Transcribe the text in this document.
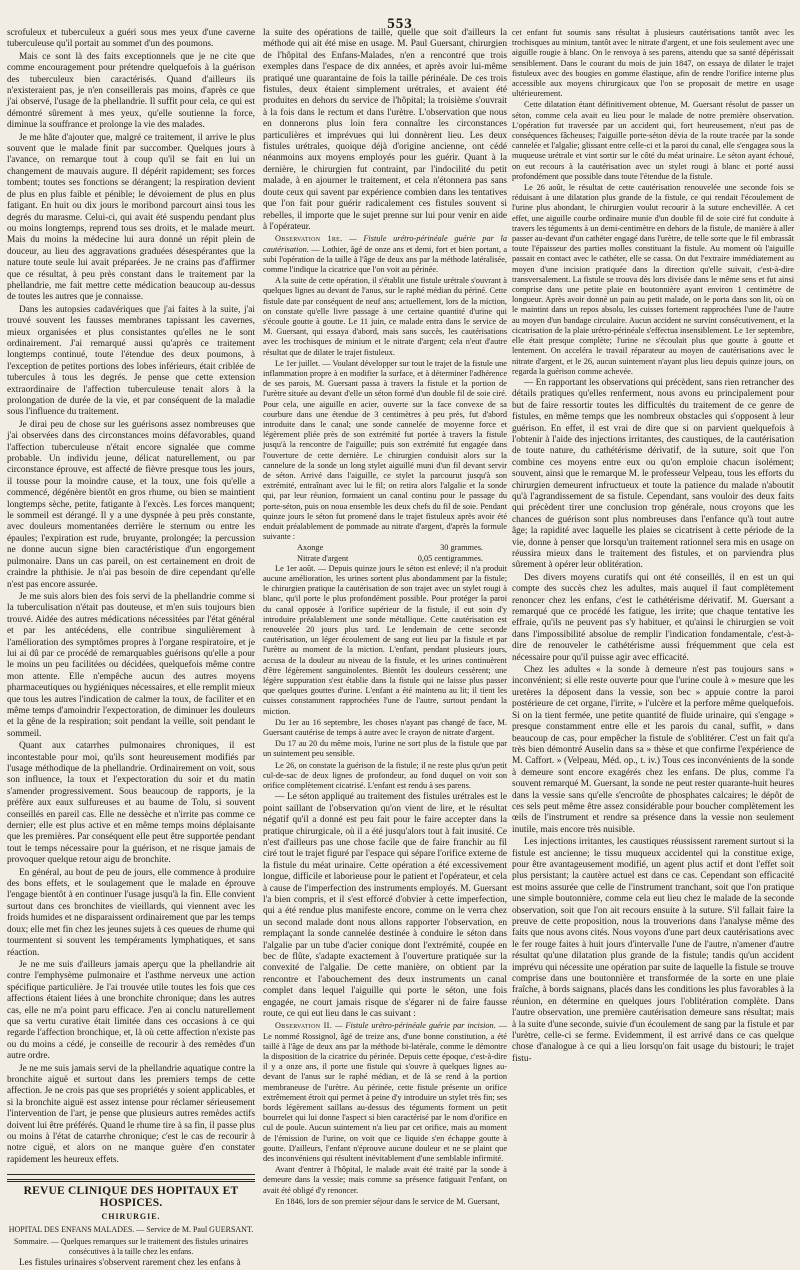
553

scrofuleux et tuberculeux a guéri sous mes yeux d'une caverne tuberculeuse qu'il portait au sommet d'un des poumons.

Mais ce sont là des faits exceptionnels que je ne cite que comme encouragement pour prétendre quelquefois à la guérison des tuberculeux bien caractérisés. Quand d'ailleurs ils n'existeraient pas, je n'en conseillerais pas moins, d'après ce que j'ai observé, l'usage de la phellandrie. Il suffit pour cela, ce qui est démontré sûrement à mes yeux, qu'elle soutienne la force, diminue la souffrance et prolonge la vie des malades.

Je me hâte d'ajouter que, malgré ce traitement, il arrive le plus souvent que le malade finit par succomber. Quelques jours à l'avance, on remarque tout à coup qu'il se fait en lui un changement de mauvais augure. Il dépérit rapidement; ses forces tombent; toutes ses fonctions se dérangent; la respiration devient de plus en plus faible et pénible; le dévoiement de plus en plus fatigant. En huit ou dix jours le moribond parcourt ainsi tous les degrés du marasme. Celui-ci, qui avait été suspendu pendant plus ou moins longtemps, reprend tous ses droits, et le malade meurt. Mais du moins la médecine lui aura donné un répit plein de douceur, au lieu des aggravations graduées désespérantes que la nature toute seule lui avait préparées. Je ne crains pas d'affirmer que ce résultat, à peu près constant dans le traitement par la phellandrie, me fait mettre cette médication beaucoup au-dessus de toutes les autres que je connaisse.

Dans les autopsies cadavériques que j'ai faites à la suite, j'ai trouvé souvent les fausses membranes tapissant les cavernes, mieux organisées et plus consistantes qu'elles ne le sont ordinairement. J'ai remarqué aussi qu'après ce traitement longtemps continué, toute l'étendue des deux poumons, à l'exception de petites portions des lobes inférieurs, était criblée de tubercules à tous les degrés. Je pense que cette extension extraordinaire de l'affection tuberculeuse tenait alors à la prolongation de durée de la vie, et par conséquent de la maladie sous l'influence du traitement.

Je dirai peu de chose sur les guérisons assez nombreuses que j'ai observées dans des circonstances moins défavorables, quand l'affection tuberculeuse n'était encore signalée que comme probable. Un individu jeune, délicat naturellement, ou par circonstance éprouve, est affecté de fièvre presque tous les jours, il tousse pour la moindre cause, et la toux, une fois qu'elle a commencé, dégénère bientôt en gros rhume, ou bien se maintient longtemps sèche, petite, fatigante à l'excès. Les forces manquent; le sommeil est dérangé. Il y a une dyspnée à peu près constante, avec douleurs momentanées derrière le sternum ou entre les épaules; l'expiration est rude, bruyante, prolongée; la percussion ne donne aucun signe bien caractéristique d'un engorgement pulmonaire. Dans un cas pareil, on est certainement en droit de craindre la phthisie. Je n'ai pas besoin de dire cependant qu'elle n'est pas encore assurée.

Je me suis alors bien des fois servi de la phellandrie comme si la tuberculisation n'était pas douteuse, et m'en suis toujours bien trouvé. Aidée des autres médications nécessitées par l'état général et par les antécédens, elle contribue singulièrement à l'amélioration des symptômes propres à l'organe respiratoire, et je lui ai dû par ce procédé de remarquables guérisons qu'elle a pour le moins un peu facilitées ou décidées, quelquefois même contre mon attente. Elle n'empêche aucun des autres moyens pharmaceutiques ou hygiéniques nécessaires, et elle remplit mieux que tous les autres l'indication de calmer la toux, de faciliter et en même temps d'amoindrir l'expectoration, de diminuer les douleurs et la gêne de la respiration; soit pendant la veille, soit pendant le sommeil.

Quant aux catarrhes pulmonaires chroniques, il est incontestable pour moi, qu'ils sont heureusement modifiés par l'usage méthodique de la phellandrie. Ordinairement on voit, sous son influence, la toux et l'expectoration du soir et du matin s'amender progressivement. Sous beaucoup de rapports, je la préfère aux eaux sulfureuses et au baume de Tolu, si souvent conseillés en pareil cas. Elle ne dessèche et n'irrite pas comme ce dernier; elle est plus active et en même temps moins déplaisante que les premières. Par conséquent elle peut être supportée pendant tout le temps nécessaire pour la guérison, et ne risque jamais de provoquer quelque retour aigu de bronchite.

En général, au bout de peu de jours, elle commence à produire des bons effets, et le soulagement que le malade en éprouve l'engage bientôt à en continuer l'usage jusqu'à la fin. Elle convient surtout dans ces bronchites de vieillards, qui viennent avec les froids humides et ne disparaissent ordinairement que par les temps doux; elle met fin chez les jeunes sujets à ces queues de rhume qui tourmentent si souvent les tempéraments lymphatiques, et sans réaction.

Je ne me suis d'ailleurs jamais aperçu que la phellandrie ait contre l'emphysème pulmonaire et l'asthme nerveux une action spécifique particulière. Je l'ai trouvée utile toutes les fois que ces affections étaient liées à une bronchite chronique; dans les autres cas, elle ne m'a point paru efficace. J'en ai conclu naturellement que sa vertu curative était limitée dans ces occasions à ce qui regarde l'affection bronchique, et, là où cette affection n'existe pas ou du moins a cédé, je conseille de recourir à des remèdes d'un autre ordre.

Je ne me suis jamais servi de la phellandrie aquatique contre la bronchite aiguë et surtout dans les premiers temps de cette affection. Je ne crois pas que ses propriétés y soient applicables, et si la bronchite aiguë est assez intense pour réclamer sérieusement l'intervention de l'art, je pense que plusieurs autres remèdes actifs doivent lui être préférés. Quand le rhume tire à sa fin, il passe plus ou moins à l'état de catarrhe chronique; c'est le cas de recourir à notre ciguë, et alors on ne manque guère d'en constater rapidement les heureux effets.

REVUE CLINIQUE DES HOPITAUX ET HOSPICES.
CHIRURGIE.
HOPITAL DES ENFANS MALADES. — Service de M. Paul GUERSANT.
Sommaire. — Quelques remarques sur le traitement des fistules urinaires consécutives à la taille chez les enfans.

Les fistules urinaires s'observent rarement chez les enfans à

la suite des opérations de taille, quelle que soit d'ailleurs la méthode qui ait été mise en usage. M. Paul Guersant, chirurgien de l'hôpital des Enfans-Malades, n'en a rencontré que trois exemples dans l'espace de dix années, et après avoir lui-même pratiqué une quarantaine de fois la taille périnéale. De ces trois fistules, deux étaient simplement urétrales, et avaient été produites en dehors du service de l'hôpital; la troisième s'ouvrait à la fois dans le rectum et dans l'urètre. L'observation que nous en donnerons plus loin fera connaître les circonstances particulières et imprévues qui lui donnèrent lieu. Les deux fistules urétrales, quoique déjà d'origine ancienne, ont cédé néanmoins aux moyens employés pour les guérir. Quant à la dernière, le chirurgien fut contraint, par l'indocilité du petit malade, à en ajourner le traitement, et cela n'étonnera pas sans doute ceux qui savent par expérience combien dans les tentatives que l'on fait pour guérir radicalement ces fistules souvent si rebelles, il importe que le sujet prenne sur lui pour venir en aide à l'opérateur.

Observation 1re. — Fistule urétro-périnéale guérie par la cautérisation. — Lothier, âgé de onze ans et demi, fort et bien portant, a subi l'opération de la taille à l'âge de deux ans par la méthode latéralisée, comme l'indique la cicatrice que l'on voit au périnée.

A la suite de cette opération, il s'établit une fistule urétrale s'ouvrant à quelques lignes au devant de l'anus, sur le raphé médian du périné. Cette fistule date par conséquent de neuf ans; actuellement, lors de la miction, on constate qu'elle livre passage à une certaine quantité d'urine qui s'écoule goutte à goutte. Le 11 juin, ce malade entra dans le service de M. Guersant, qui essaya d'abord, mais sans succès, les cautérisations avec les trochisques de minium et le nitrate d'argent; cela n'eut d'autre résultat que de dilater le trajet fistuleux.

Le 1er juillet. — Voulant développer sur tout le trajet de la fistule une inflammation propre à en modifier la surface, et à déterminer l'adhérence de ses parois, M. Guersant passa à travers la fistule et la portion de l'urètre située au devant d'elle un séton formé d'un double fil de soie ciré. Pour cela, une aiguille en acier, ouverte sur la face convexe de sa courbure dans une étendue de 3 centimètres à peu près, fut d'abord introduite dans le canal; une sonde cannelée de moyenne force et légèrement pliée près de son extrémité fut portée à travers la fistule jusqu'à la rencontre de l'aiguille; puis son extrémité fut engagée dans l'ouverture de cette dernière. Le chirurgien conduisit alors sur la cannelure de la sonde un long stylet aiguillé muni d'un fil devant servir de séton. Arrivé dans l'aiguille, ce stylet la parcourut jusqu'à son extrémité, entraînant avec lui le fil; on retira alors l'algalie et la sonde qui, par leur réunion, formaient un canal continu pour le passage du porte-séton, puis on noua ensemble les deux chefs du fil de soie. Pendant quinze jours le séton fut promené dans le trajet fistuleux après avoir été enduit préalablement de pommade au nitrate d'argent, d'après la formule suivante :

Axonge	30 grammes.
Nitrate d'argent	0,05 centigrammes.

Le 1er août. — Depuis quinze jours le séton est enlevé; il n'a produit aucune amélioration, les urines sortent plus abondamment par la fistule; le chirurgien pratique la cautérisation de son trajet avec un stylet rougi à blanc, qu'il porte le plus profondément possible. Pour protéger la paroi du canal opposée à l'orifice supérieur de la fistule, il eut soin d'y introduire préalablement une sonde métallique. Cette cautérisation est renouvelée 20 jours plus tard. Le lendemain de cette seconde cautérisation, un léger écoulement de sang eut lieu par la fistule et par l'urètre au moment de la miction. L'enfant, pendant plusieurs jours, accusa de la douleur au niveau de la fistule, et les urines continuèrent d'être légèrement sanguinolentes. Bientôt les douleurs cessèrent; une légère suppuration s'est établie dans la fistule qui ne laisse plus passer que quelques gouttes d'urine. L'enfant a été maintenu au lit; il tient les cuisses constamment rapprochées l'une de l'autre, surtout pendant la miction.

Du 1er au 16 septembre, les choses n'ayant pas changé de face, M. Guersant cautérise de temps à autre avec le crayon de nitrate d'argent.

Du 17 au 20 du même mois, l'urine ne sort plus de la fistule que par un suintement peu sensible.

Le 26, on constate la guérison de la fistule; il ne reste plus qu'un petit cul-de-sac de deux lignes de profondeur, au fond duquel on voit son orifice complètement cicatrisé. L'enfant est rendu à ses parens.

— Le séton appliqué au traitement des fistules urétrales est le point saillant de l'observation qu'on vient de lire, et le résultat négatif qu'il a donné est peu fait pour le faire accepter dans la pratique chirurgicale, où il a été jusqu'alors tout à fait inusité. Ce n'est d'ailleurs pas une chose facile que de faire franchir au fil ciré tout le trajet figuré par l'espace qui sépare l'orifice externe de la fistule du méat urinaire. Cette opération a été excessivement longue, difficile et laborieuse pour le patient et l'opérateur, et cela à cause de l'imperfection des instruments employés. M. Guersant l'a bien compris, et il s'est efforcé d'obvier à cette imperfection, qui a été rendue plus manifeste encore, comme on le verra chez un second malade dont nous allons rapporter l'observation, en remplaçant la sonde cannelée destinée à conduire le séton dans l'algalie par un tube d'acier conique dont l'extrémité, coupée en bec de flûte, s'adapte exactement à l'ouverture pratiquée sur la convexité de l'algalie. De cette manière, on obtient par la rencontre et l'abouchement des deux instruments un canal complet dans lequel l'aiguille qui porte le séton, une fois engagée, ne court jamais risque de s'égarer ni de faire fausse route, ce qui eut lieu dans le cas suivant :

Observation II. — Fistule urétro-périnéale guérie par incision. — Le nommé Rossignol, âgé de treize ans, d'une bonne constitution, a été taillé à l'âge de deux ans par la méthode bi-latérale, comme le démontre la disposition de la cicatrice du périnée. Depuis cette époque, c'est-à-dire il y a onze ans, il porte une fistule qui s'ouvre à quelques lignes au-devant de l'anus sur le raphé médian, et de là se rend à la portion membraneuse de l'urètre. Au périnée, cette fistule présente un orifice extrêmement étroit qui permet à peine d'y introduire un stylet très fin; ses bords légèrement saillans au-dessus des téguments forment un petit bourrelet qui lui donne l'aspect si bien caractérisé par le nom d'orifice en cul de poule. Aucun suintement n'a lieu par cet orifice, mais au moment de l'émission de l'urine, on voit que ce liquide s'en échappe goutte à goutte. D'ailleurs, l'enfant n'éprouve aucune douleur et ne se plaint que des inconvéniens qui résultent inévitablement d'une semblable infirmité.

Avant d'entrer à l'hôpital, le malade avait été traité par la sonde à demeure dans la vessie; mais comme sa présence fatiguait l'enfant, on avait été obligé d'y renoncer.

En 1846, lors de son premier séjour dans le service de M. Guersant,

cet enfant fut soumis sans résultat à plusieurs cautérisations tantôt avec les trochisques au minium, tantôt avec le nitrate d'argent, et une fois seulement avec une aiguille rougie à blanc. On le renvoya à ses parens, attendu que sa santé dépérissait sensiblement. Dans le courant du mois de juin 1847, on essaya de dilater le trajet fistuleux avec des bougies en gomme élastique, afin de rendre l'orifice interne plus accessible aux moyens chirurgicaux que l'on se proposait de mettre en usage ultérieurement.

Cette dilatation étant définitivement obtenue, M. Guersant résolut de passer un séton, comme cela avait eu lieu pour le malade de notre première observation. L'opération fut traversée par un accident qui, fort heureusement, n'eut pas de conséquences fâcheuses; l'aiguille porte-séton dévia de la route tracée par la sonde cannelée et l'algalie; glissant entre celle-ci et la paroi du canal, elle s'engagea sous la muqueuse urétrale et vint sortir sur le côté du méat urinaire. Le séton ayant échoué, on eut recours à la cautérisation avec un stylet rougi à blanc et porté aussi profondément que possible dans toute l'étendue de la fistule.

Le 26 août, le résultat de cette cautérisation renouvelée une seconde fois se réduisant à une dilatation plus grande de la fistule, ce qui rendait l'écoulement de l'urine plus abondant, le chirurgien voulut recourir à la suture enchevillée. A cet effet, une aiguille courbe ordinaire munie d'un double fil de soie ciré fut conduite à travers les téguments à un demi-centimètre en dehors de la fistule, de manière à aller passer au-devant d'un cathéter engagé dans l'urètre, de telle sorte que le fil embrassât toute l'épaisseur des parties molles constituant la fistule. Au moment où l'aiguille passait en contact avec le cathéter, elle se cassa. On dut l'extraire immédiatement au moyen d'une incision pratiquée dans la direction qu'elle suivait, c'est-à-dire transversalement. La fistule se trouva dès lors divisée dans le même sens et fut ainsi comprise dans une petite plaie en boutonnière ayant environ 1 centimètre de longueur. Après avoir donné un pain au petit malade, on le porta dans son lit, où on le maintint dans un repos absolu, les cuisses fortement rapprochées l'une de l'autre au moyen d'un bandage circulaire. Aucun accident ne survint consécutivement, et la cicatrisation de la plaie urétro-périnéale s'effectua insensiblement. Le 1er septembre, elle était presque complète; l'urine ne s'écoulait plus que goutte à goutte et lentement. On acceléra le travail réparateur au moyen de cautérisations avec le nitrate d'argent, et le 26, aucun suintement n'ayant plus lieu depuis quinze jours, on regarda la guérison comme achevée.

— En rapportant les observations qui précèdent, sans rien retrancher des détails pratiques qu'elles renferment, nous avons eu principalement pour but de faire ressortir toutes les difficultés du traitement de ce genre de fistules, en même temps que les nombreux obstacles qui s'opposent à leur guérison. En effet, il est vrai de dire que si on parvient quelquefois à l'obtenir à l'aide des injections irritantes, des caustiques, de la cautérisation de toute nature, du cathétérisme dérivatif, de la suture, soit que l'on combine ces moyens entre eux ou qu'on emploie chacun isolément; souvent, ainsi que le remarque M. le professeur Velpeau, tous les efforts du chirurgien demeurent infructueux et toute la patience du malade n'aboutit qu'à l'agrandissement de sa fistule. Cependant, sans vouloir des deux faits qui précèdent tirer une conclusion trop générale, nous croyons que les chances de guérison sont plus nombreuses dans l'enfance qu'à tout autre âge; la rapidité avec laquelle les plaies se cicatrisent à cette période de la vie, donne à penser que lorsqu'un traitement rationnel sera mis en usage on réussira mieux dans le traitement des fistules, et on parviendra plus sûrement à opérer leur oblitération.

Des divers moyens curatifs qui ont été conseillés, il en est un qui compte des succès chez les adultes, mais auquel il faut complètement renoncer chez les enfans, c'est le cathétérisme dérivatif. M. Guersant a remarqué que ce procédé les fatigue, les irrite; que chaque tentative les effraie, qu'ils ne peuvent pas s'y habituer, et qu'ainsi le chirurgien se voit dans l'impossibilité absolue de remplir l'indication fondamentale, c'est-à-dire de renouveler le cathétérisme aussi fréquemment que cela est nécessaire pour qu'il puisse agir avec efficacité.

Chez les adultes « la sonde à demeure n'est pas toujours sans » inconvénient; si elle reste ouverte pour que l'urine coule à » mesure que les uretères la déposent dans la vessie, son bec » appuie contre la paroi postérieure de cet organe, l'irrite, » l'ulcère et la perfore même quelquefois. Si on la tient fermée, une petite quantité de fluide urinaire, qui s'engage » presque constamment entre elle et les parois du canal, suffit, » dans beaucoup de cas, pour empêcher la fistule de s'oblitérer. C'est un fait qu'a très bien démontré Auselin dans sa » thèse et que confirme l'expérience de M. Caffort. » (Velpeau, Méd. op., t. iv.) Tous ces inconvénients de la sonde à demeure sont encore exagérés chez les enfans. De plus, comme l'a souvent remarqué M. Guersant, la sonde ne peut rester quarante-huit heures dans la vessie sans qu'elle s'encroûte de phosphates calcaires; le dépôt de ces sels peut même être assez considérable pour boucher complètement les œils de l'instrument et rendre sa présence dans la vessie non seulement inutile, mais encore très nuisible.

Les injections irritantes, les caustiques réussissent rarement surtout si la fistule est ancienne; le tissu muqueux accidentel qui la constitue exige, pour être avantageusement modifié, un agent plus actif et dont l'effet soit plus persistant; la cautère actuel est dans ce cas. Cependant son efficacité est moins assurée que celle de l'instrument tranchant, soit que l'on pratique une simple boutonnière, comme cela eut lieu chez le malade de la seconde observation, soit que l'on ait recours ensuite à la suture. S'il fallait faire la preuve de cette proposition, nous la trouverions dans l'analyse même des faits que nous avons cités. Nous voyons d'une part deux cautérisations avec le fer rouge faites à huit jours d'intervalle l'une de l'autre, n'amener d'autre résultat qu'une dilatation plus grande de la fistule; tandis qu'un accident imprévu qui nécessite une opération par suite de laquelle la fistule se trouve comprise dans une boutonnière et transformée de la sorte en une plaie fraîche, à bords saignans, placés dans les conditions les plus favorables à la réunion, en détermine en quelques jours l'oblitération complète. Dans l'autre observation, une première cautérisation demeure sans résultat; mais à la suite d'une seconde, suivie d'un écoulement de sang par la fistule et par l'urètre, celle-ci se ferme. Evidemment, il est arrivé dans ce cas quelque chose d'analogue à ce qui a lieu lorsqu'on fait usage du bistouri; le trajet fistu-
